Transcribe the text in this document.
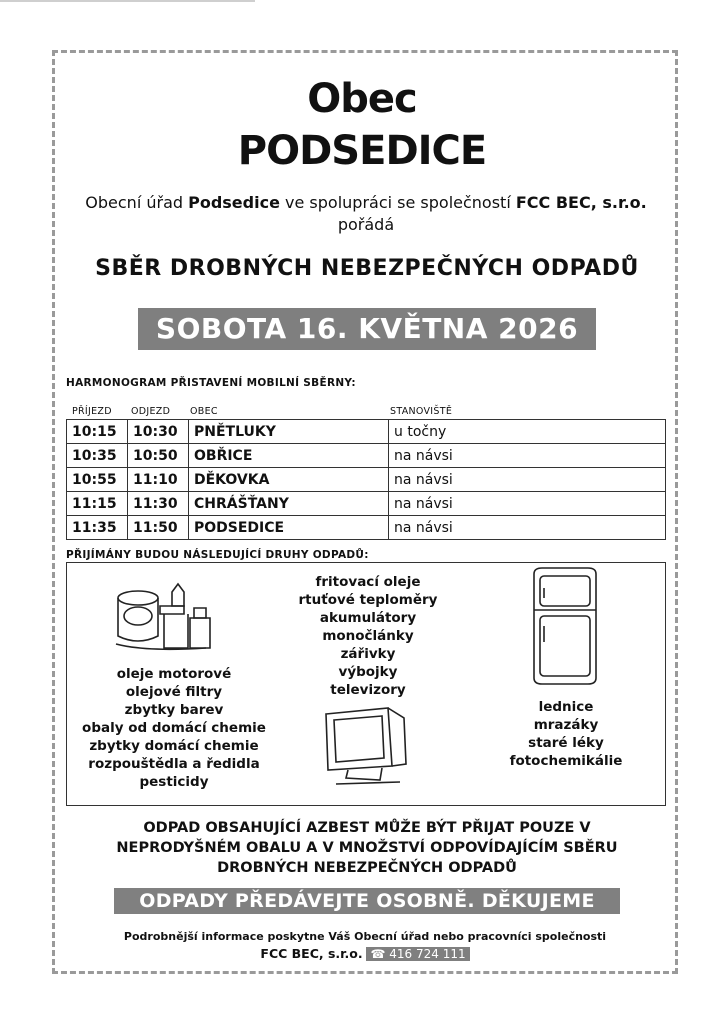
Obec
PODSEDICE
Obecní úřad Podsedice ve spolupráci se společností FCC BEC, s.r.o.
pořádá
SBĚR DROBNÝCH NEBEZPEČNÝCH ODPADŮ
SOBOTA 16. KVĚTNA 2026
HARMONOGRAM PŘISTAVENÍ MOBILNÍ SBĚRNY:
PŘÍJEZD ODJEZD OBEC	STANOVIŠTĚ
10:15	10:30	PNĚTLUKY	u točny
10:35	10:50	OBŘICE	na návsi
10:55	11:10	DĚKOVKA	na návsi
11:15	11:30	CHRÁŠŤANY	na návsi
11:35	11:50	PODSEDICE	na návsi
PŘIJÍMÁNY BUDOU NÁSLEDUJÍCÍ DRUHY ODPADŮ:
oleje motorové
olejové filtry
zbytky barev
obaly od domácí chemie
zbytky domácí chemie
rozpouštědla a ředidla
pesticidy
fritovací oleje
rtuťové teploměry
akumulátory
monočlánky
zářivky
výbojky
televizory
lednice
mrazáky
staré léky
fotochemikálie
ODPAD OBSAHUJÍCÍ AZBEST MŮŽE BÝT PŘIJAT POUZE V
NEPRODYŠNÉM OBALU A V MNOŽSTVÍ ODPOVÍDAJÍCÍM SBĚRU
DROBNÝCH NEBEZPEČNÝCH ODPADŮ
ODPADY PŘEDÁVEJTE OSOBNĚ. DĚKUJEME
Podrobnější informace poskytne Váš Obecní úřad nebo pracovníci společnosti
FCC BEC, s.r.o. ☎ 416 724 111
